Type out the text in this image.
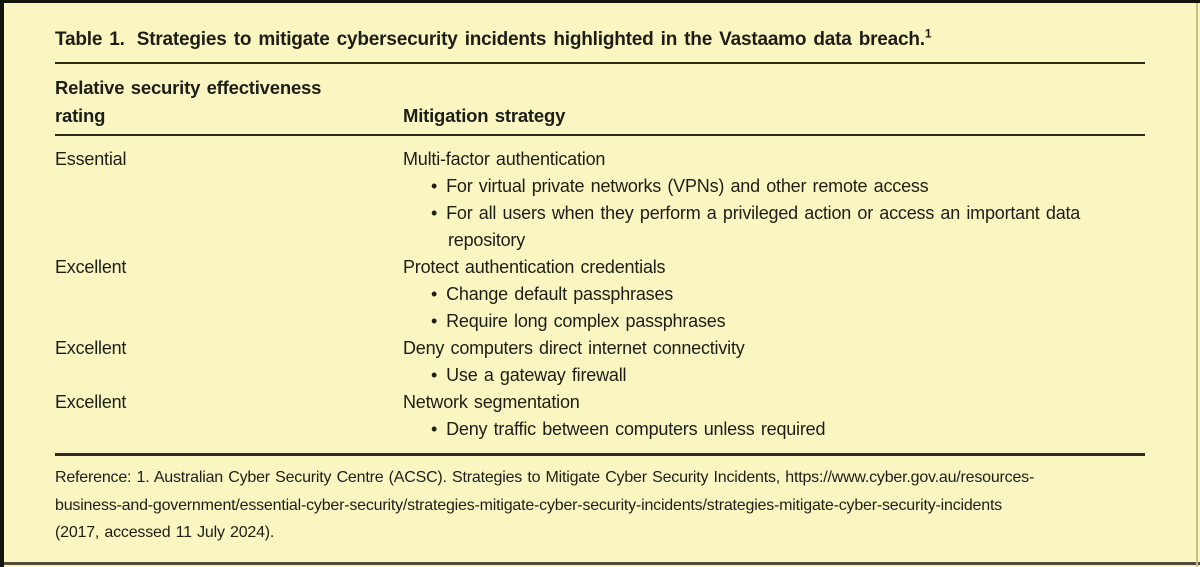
Table 1. Strategies to mitigate cybersecurity incidents highlighted in the Vastaamo data breach.$^1$
Relative security effectiveness
rating	Mitigation strategy
Essential	Multi-factor authentication
• For virtual private networks (VPNs) and other remote access
• For all users when they perform a privileged action or access an important data
repository
Excellent	Protect authentication credentials
• Change default passphrases
• Require long complex passphrases
Excellent	Deny computers direct internet connectivity
• Use a gateway firewall
Excellent	Network segmentation
• Deny traffic between computers unless required
Reference: 1. Australian Cyber Security Centre (ACSC). Strategies to Mitigate Cyber Security Incidents, https://www.cyber.gov.au/resources-
business-and-government/essential-cyber-security/strategies-mitigate-cyber-security-incidents/strategies-mitigate-cyber-security-incidents
(2017, accessed 11 July 2024).
